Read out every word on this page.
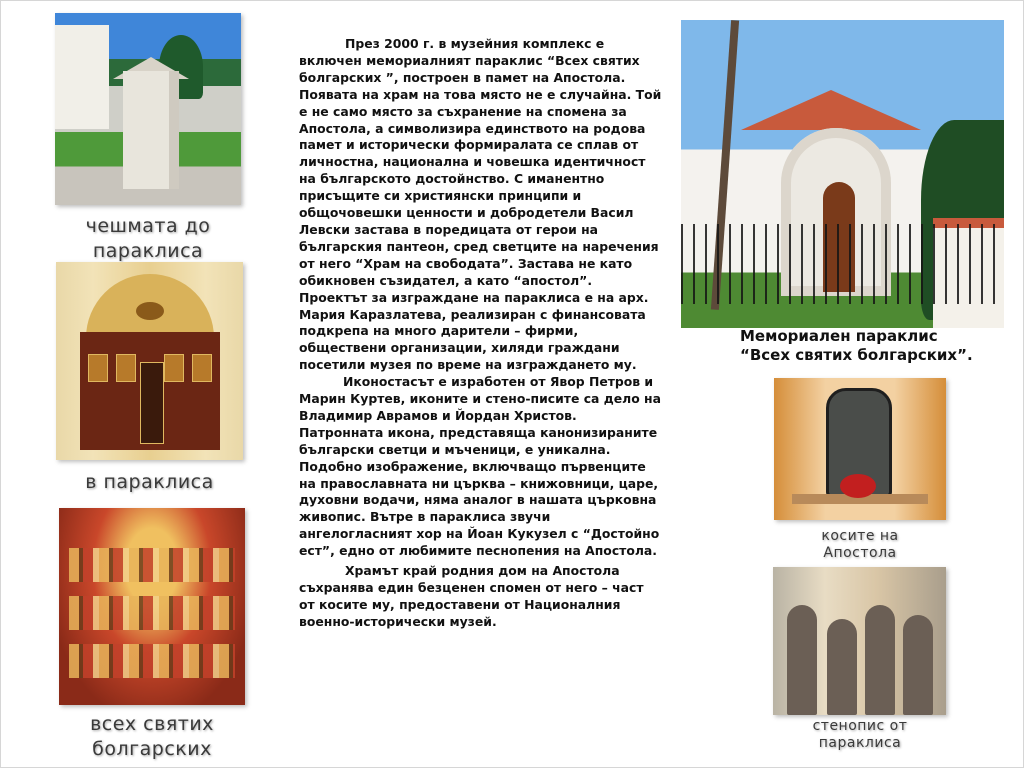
чешмата до
параклиса
в параклиса
всех святих
болгарских

През 2000 г. в музейния комплекс е включен мемориалният параклис “Всех святих болгарских ”, построен в памет на Апостола. Появата на храм на това място не е случайна. Той е не само място за съхранение на спомена за Апостола, а символизира единството на родова памет и исторически формиралата се сплав от личностна, национална и човешка идентичност на българското достойнство. С иманентно присъщите си християнски принципи и общочовешки ценности и добродетели Васил Левски застава в поредицата от герои на българския пантеон, сред светците на наречения от него “Храм на свободата”. Застава не като обикновен съзидател, а като “апостол”. Проектът за изграждане на параклиса е на арх. Мария Каразлатева, реализиран с финансовата подкрепа на много дарители – фирми, обществени организации, хиляди граждани посетили музея по време на изграждането му.

Иконостасът е изработен от Явор Петров и Марин Куртев, иконите и стено-писите са дело на Владимир Аврамов и Йордан Христов. Патронната икона, представяща канонизираните български светци и мъченици, е уникална. Подобно изображение, включващо първенците на православната ни църква – книжовници, царе, духовни водачи, няма аналог в нашата църковна живопис. Вътре в параклиса звучи ангелогласният хор на Йоан Кукузел с “Достойно ест”, едно от любимите песнопения на Апостола.

Храмът край родния дом на Апостола съхранява един безценен спомен от него – част от косите му, предоставени от Националния военно-исторически музей.

Мемориален параклис
“Всех святих болгарских”.
косите на
Апостола
стенопис от
параклиса
